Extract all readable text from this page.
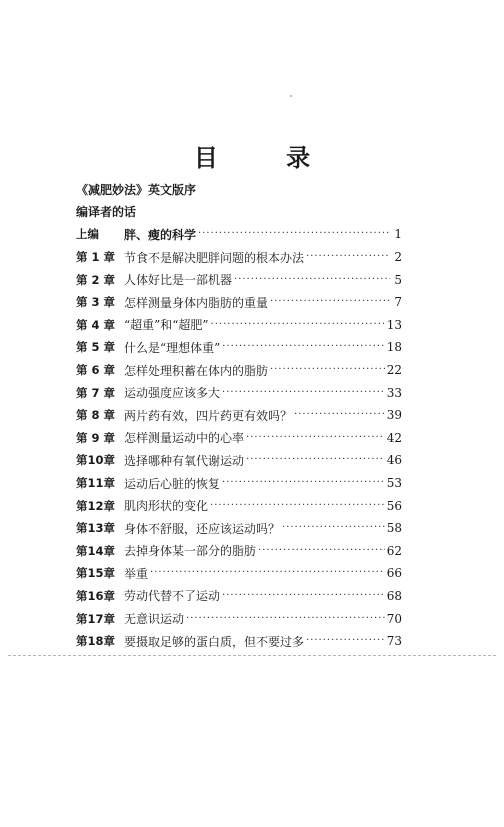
目 录
《减肥妙法》英文版序
编译者的话
上编	胖、瘦的科学 ·····	1
第 1 章 节食不是解决肥胖问题的根本办法 ·····	2
第 2 章 人体好比是一部机器 ·····	5
第 3 章 怎样测量身体内脂肪的重量 ·····	7
第 4 章 “超重”和“超肥” ·····	13
第 5 章 什么是“理想体重” ·····	18
第 6 章 怎样处理积蓄在体内的脂肪 ·····	22
第 7 章 运动强度应该多大 ·····	33
第 8 章 两片药有效，四片药更有效吗？ ·····	39
第 9 章 怎样测量运动中的心率 ·····	42
第10章 选择哪种有氧代谢运动 ·····	46
第11章 运动后心脏的恢复 ·····	53
第12章 肌肉形状的变化 ·····	56
第13章 身体不舒服，还应该运动吗？ ·····	58
第14章 去掉身体某一部分的脂肪 ·····	62
第15章 举重 ·····	66
第16章 劳动代替不了运动 ·····	68
第17章 无意识运动 ·····	70
第18章 要摄取足够的蛋白质，但不要过多 ·····	73
